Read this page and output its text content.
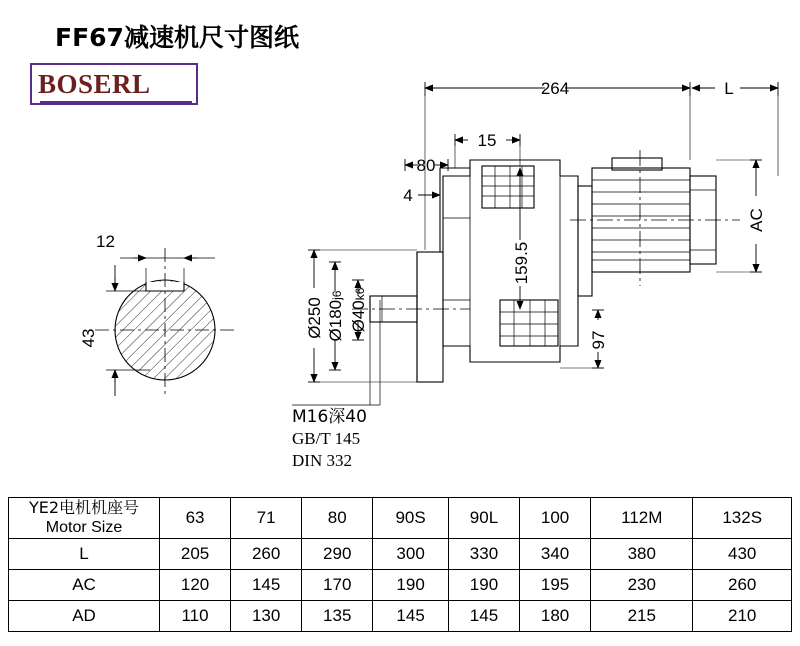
FF67减速机尺寸图纸
BOSERL	264	L
15
80
4
AC
159.5
97
Ø250 Ø180j6
Ø40k6
12
43
M16深40
GB/T 145
DIN 332
YE2电机机座号
Motor Size	63	71	80	90S	90L	100	112M	132S
L	205	260	290	300	330	340	380	430
AC	120	145	170	190	190	195	230	260
AD	110	130	135	145	145	180	215	210
